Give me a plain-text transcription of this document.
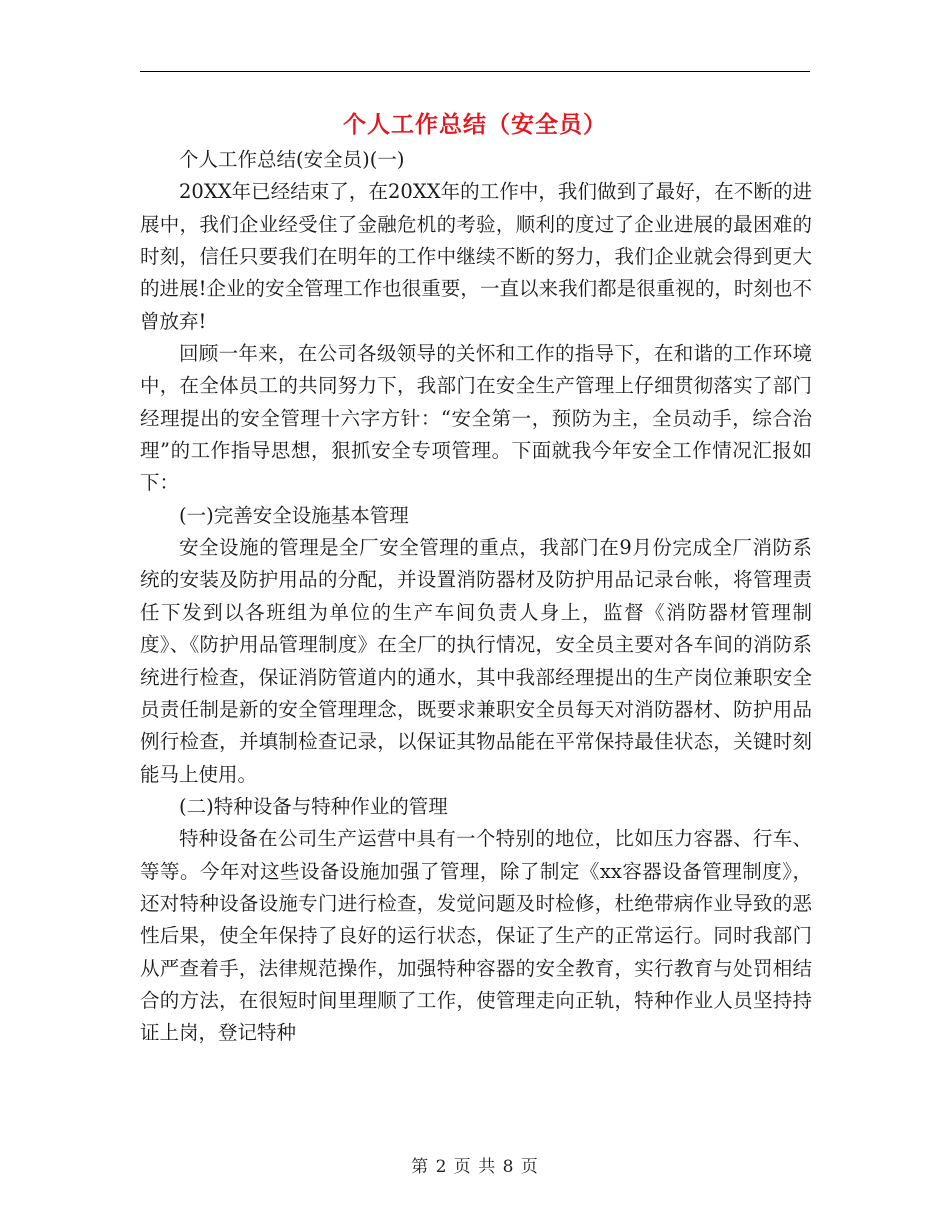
个人工作总结（安全员）

个人工作总结(安全员)(一)

20XX年已经结束了，在20XX年的工作中，我们做到了最好，在不断的进展中，我们企业经受住了金融危机的考验，顺利的度过了企业进展的最困难的时刻，信任只要我们在明年的工作中继续不断的努力，我们企业就会得到更大的进展!企业的安全管理工作也很重要，一直以来我们都是很重视的，时刻也不曾放弃!

回顾一年来，在公司各级领导的关怀和工作的指导下，在和谐的工作环境中，在全体员工的共同努力下，我部门在安全生产管理上仔细贯彻落实了部门经理提出的安全管理十六字方针：“安全第一，预防为主，全员动手，综合治理”的工作指导思想，狠抓安全专项管理。下面就我今年安全工作情况汇报如下：

(一)完善安全设施基本管理

安全设施的管理是全厂安全管理的重点，我部门在9月份完成全厂消防系统的安装及防护用品的分配，并设置消防器材及防护用品记录台帐，将管理责任下发到以各班组为单位的生产车间负责人身上，监督《消防器材管理制度》、《防护用品管理制度》在全厂的执行情况，安全员主要对各车间的消防系统进行检查，保证消防管道内的通水，其中我部经理提出的生产岗位兼职安全员责任制是新的安全管理理念，既要求兼职安全员每天对消防器材、防护用品例行检查，并填制检查记录，以保证其物品能在平常保持最佳状态，关键时刻能马上使用。

(二)特种设备与特种作业的管理

特种设备在公司生产运营中具有一个特别的地位，比如压力容器、行车、等等。今年对这些设备设施加强了管理，除了制定《xx容器设备管理制度》，还对特种设备设施专门进行检查，发觉问题及时检修，杜绝带病作业导致的恶性后果，使全年保持了良好的运行状态，保证了生产的正常运行。同时我部门从严查着手，法律规范操作，加强特种容器的安全教育，实行教育与处罚相结合的方法，在很短时间里理顺了工作，使管理走向正轨，特种作业人员坚持持证上岗，登记特种

第 2 页 共 8 页
